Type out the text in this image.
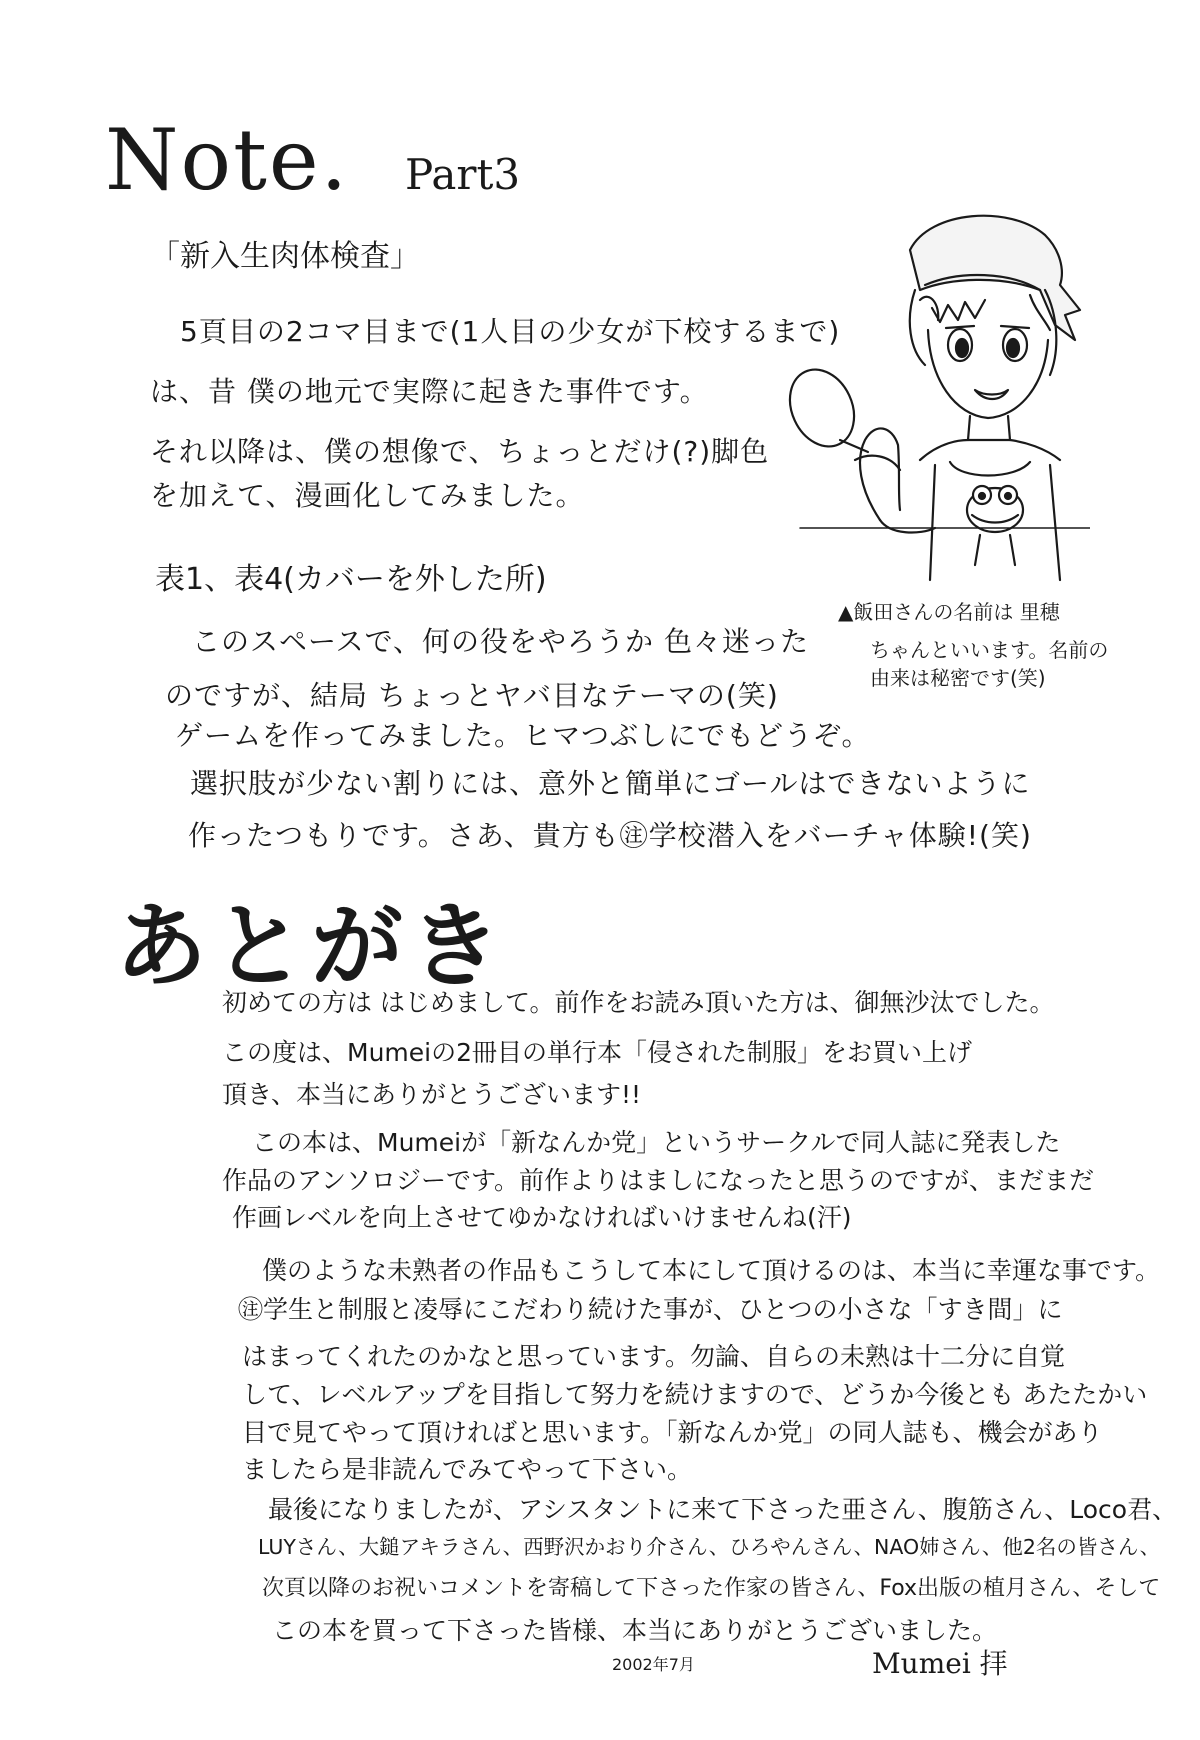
Note. Part3
「新入生肉体検査」
5頁目の2コマ目まで(1人目の少女が下校するまで)
は、昔 僕の地元で実際に起きた事件です。
それ以降は、僕の想像で、ちょっとだけ(?)脚色
を加えて、漫画化してみました。
表1、表4(カバーを外した所)
このスペースで、何の役をやろうか 色々迷った
のですが、結局 ちょっとヤバ目なテーマの(笑)
ゲームを作ってみました。ヒマつぶしにでもどうぞ。
選択肢が少ない割りには、意外と簡単にゴールはできないように
作ったつもりです。さあ、貴方も㊟学校潜入をバーチャ体験!(笑)
▲飯田さんの名前は 里穂
ちゃんといいます。名前の
由来は秘密です(笑)
あとがき
初めての方は はじめまして。前作をお読み頂いた方は、御無沙汰でした。
この度は、Mumeiの2冊目の単行本「侵された制服」をお買い上げ
頂き、本当にありがとうございます!!
この本は、Mumeiが「新なんか党」というサークルで同人誌に発表した
作品のアンソロジーです。前作よりはましになったと思うのですが、まだまだ
作画レベルを向上させてゆかなければいけませんね(汗)
僕のような未熟者の作品もこうして本にして頂けるのは、本当に幸運な事です。
㊟学生と制服と凌辱にこだわり続けた事が、ひとつの小さな「すき間」に
はまってくれたのかなと思っています。勿論、自らの未熟は十二分に自覚
して、レベルアップを目指して努力を続けますので、どうか今後とも あたたかい
目で見てやって頂ければと思います。「新なんか党」の同人誌も、機会があり
ましたら是非読んでみてやって下さい。
最後になりましたが、アシスタントに来て下さった亜さん、腹筋さん、Loco君、
LUYさん、大鎚アキラさん、西野沢かおり介さん、ひろやんさん、NAO姉さん、他2名の皆さん、
次頁以降のお祝いコメントを寄稿して下さった作家の皆さん、Fox出版の植月さん、そして
この本を買って下さった皆様、本当にありがとうございました。
2002年7月	Mumei 拝
